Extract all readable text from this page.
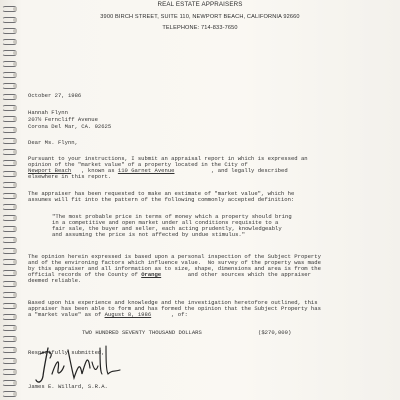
REAL ESTATE APPRAISERS
3900 BIRCH STREET, SUITE 110, NEWPORT BEACH, CALIFORNIA 92660
TELEPHONE: 714-833-7650
October 27, 1986
Hannah Flynn
207½ Ferncliff Avenue
Corona Del Mar, CA. 92625
Dear Ms. Flynn,
Pursuant to your instructions, I submit an appraisal report in which is expressed an
opinion of the "market value" of a property located in the City of
Newport Beach   , known as 110 Garnet Avenue           , and legally described
elsewhere in this report.
The appraiser has been requested to make an estimate of "market value", which he
assumes will fit into the pattern of the following commonly accepted definition:
"The most probable price in terms of money which a property should bring
in a competitive and open market under all conditions requisite to a
fair sale, the buyer and seller, each acting prudently, knowledgeably
and assuming the price is not affected by undue stimulus."
The opinion herein expressed is based upon a personal inspection of the Subject Property
and of the environing factors which influence value.  No survey of the property was made
by this appraiser and all information as to size, shape, dimensions and area is from the
official records of the County of Orange        and other sources which the appraiser
deemed reliable.
Based upon his experience and knowledge and the investigation heretofore outlined, this
appraiser has been able to form and has formed the opinion that the Subject Property has
a "market value" as of August 8, 1986      , of:
TWO HUNDRED SEVENTY THOUSAND DOLLARS	($270,000)
Respectfully submitted,
James E. Willard, S.R.A.
